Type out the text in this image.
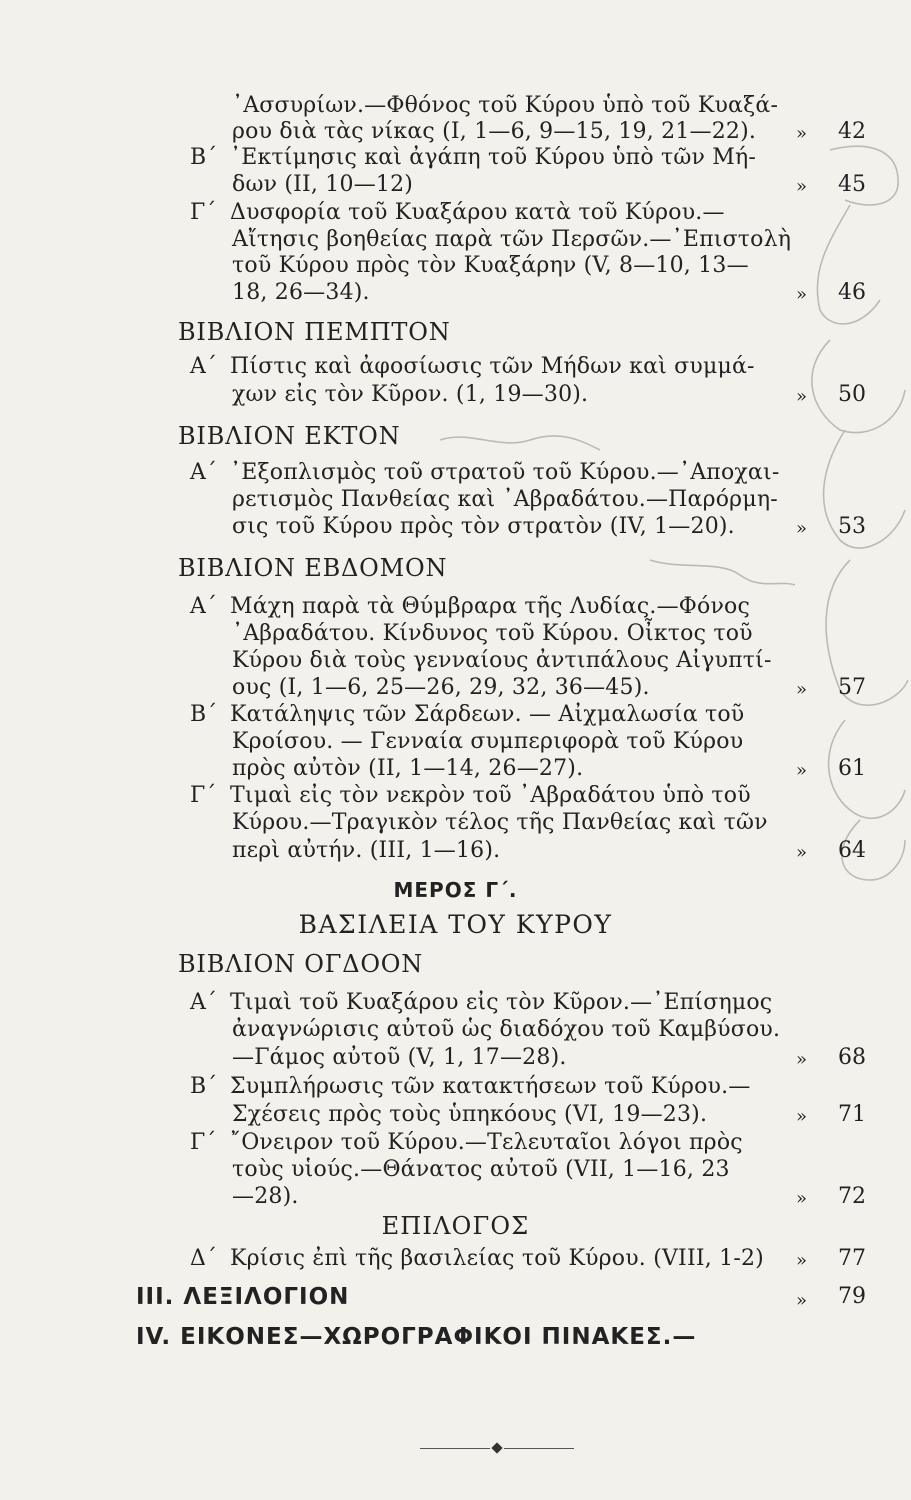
᾿Ασσυρίων.—Φθόνος τοῦ Κύρου ὑπὸ τοῦ Κυαξά-
ρου διὰ τὰς νίκας (Ι, 1—6, 9—15, 19, 21—22). » 42
Β΄ ᾿Εκτίμησις καὶ ἀγάπη τοῦ Κύρου ὑπὸ τῶν Μή-
δων (ΙΙ, 10—12)	» 45
Γ΄ Δυσφορία τοῦ Κυαξάρου κατὰ τοῦ Κύρου.—
Αἴτησις βοηθείας παρὰ τῶν Περσῶν.—᾿Επιστολὴ
τοῦ Κύρου πρὸς τὸν Κυαξάρην (V, 8—10, 13—
18, 26—34).	» 46
ΒΙΒΛΙΟΝ ΠΕΜΠΤΟΝ
Α΄ Πίστις καὶ ἀφοσίωσις τῶν Μήδων καὶ συμμά-
χων εἰς τὸν Κῦρον. (1, 19—30).	» 50
ΒΙΒΛΙΟΝ ΕΚΤΟΝ
Α΄ ᾿Εξοπλισμὸς τοῦ στρατοῦ τοῦ Κύρου.—᾿Αποχαι-
ρετισμὸς Πανθείας καὶ ᾿Αβραδάτου.—Παρόρμη-
σις τοῦ Κύρου πρὸς τὸν στρατὸν (IV, 1—20).	» 53
ΒΙΒΛΙΟΝ ΕΒΔΟΜΟΝ
Α΄ Μάχη παρὰ τὰ Θύμβραρα τῆς Λυδίας.—Φόνος
᾿Αβραδάτου. Κίνδυνος τοῦ Κύρου. Οἶκτος τοῦ
Κύρου διὰ τοὺς γενναίους ἀντιπάλους Αἰγυπτί-
ους (Ι, 1—6, 25—26, 29, 32, 36—45).	» 57
Β΄ Κατάληψις τῶν Σάρδεων. — Αἰχμαλωσία τοῦ
Κροίσου. — Γενναία συμπεριφορὰ τοῦ Κύρου
πρὸς αὐτὸν (ΙΙ, 1—14, 26—27).	» 61
Γ΄ Τιμαὶ εἰς τὸν νεκρὸν τοῦ ᾿Αβραδάτου ὑπὸ τοῦ
Κύρου.—Τραγικὸν τέλος τῆς Πανθείας καὶ τῶν
περὶ αὐτήν. (ΙΙΙ, 1—16).	» 64
ΜΕΡΟΣ Γ΄.
ΒΑΣΙΛΕΙΑ ΤΟΥ ΚΥΡΟΥ
ΒΙΒΛΙΟΝ ΟΓΔΟΟΝ
Α΄ Τιμαὶ τοῦ Κυαξάρου εἰς τὸν Κῦρον.—᾿Επίσημος
ἀναγνώρισις αὐτοῦ ὡς διαδόχου τοῦ Καμβύσου.
—Γάμος αὐτοῦ (V, 1, 17—28).	» 68
Β΄ Συμπλήρωσις τῶν κατακτήσεων τοῦ Κύρου.—
Σχέσεις πρὸς τοὺς ὑπηκόους (VI, 19—23).	» 71
Γ΄ ῎Ονειρον τοῦ Κύρου.—Τελευταῖοι λόγοι πρὸς
τοὺς υἱούς.—Θάνατος αὐτοῦ (VII, 1—16, 23
—28).	» 72
ΕΠΙΛΟΓΟΣ
Δ΄ Κρίσις ἐπὶ τῆς βασιλείας τοῦ Κύρου. (VIII, 1-2) » 77
ΙΙΙ. ΛΕΞΙΛΟΓΙΟΝ	» 79
IV. ΕΙΚΟΝΕΣ—ΧΩΡΟΓΡΑΦΙΚΟΙ ΠΙΝΑΚΕΣ.—
